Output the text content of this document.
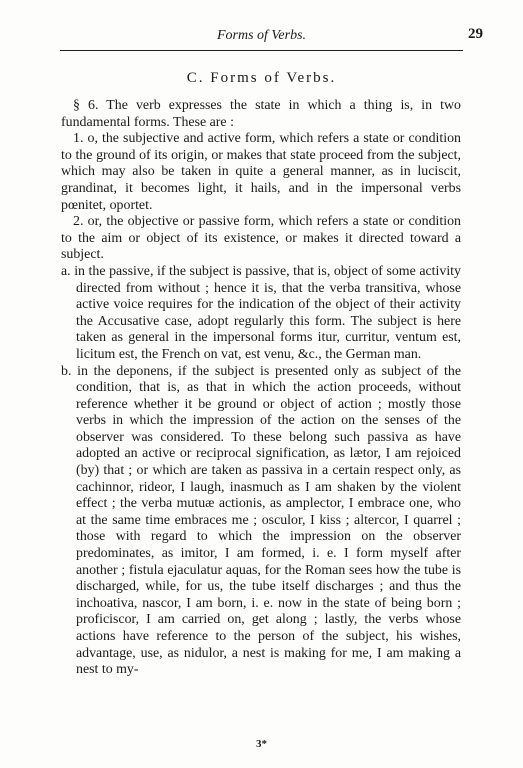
Forms of Verbs.	29
C. Forms of Verbs.

§ 6. The verb expresses the state in which a thing is, in two fundamental forms. These are :

1. o, the subjective and active form, which refers a state or condition to the ground of its origin, or makes that state proceed from the subject, which may also be taken in quite a general manner, as in luciscit, grandinat, it becomes light, it hails, and in the impersonal verbs pœnitet, oportet.

2. or, the objective or passive form, which refers a state or condition to the aim or object of its existence, or makes it directed toward a subject.

a. in the passive, if the subject is passive, that is, object of some activity directed from without ; hence it is, that the verba transitiva, whose active voice requires for the indication of the object of their activity the Accusative case, adopt regularly this form. The subject is here taken as general in the impersonal forms itur, curritur, ventum est, licitum est, the French on vat, est venu, &c., the German man.

b. in the deponens, if the subject is presented only as subject of the condition, that is, as that in which the action proceeds, without reference whether it be ground or object of action ; mostly those verbs in which the impression of the action on the senses of the observer was considered. To these belong such passiva as have adopted an active or reciprocal signification, as lætor, I am rejoiced (by) that ; or which are taken as passiva in a certain respect only, as cachinnor, rideor, I laugh, inasmuch as I am shaken by the violent effect ; the verba mutuæ actionis, as amplector, I embrace one, who at the same time embraces me ; osculor, I kiss ; altercor, I quarrel ; those with regard to which the impression on the observer predominates, as imitor, I am formed, i. e. I form myself after another ; fistula ejaculatur aquas, for the Roman sees how the tube is discharged, while, for us, the tube itself discharges ; and thus the inchoativa, nascor, I am born, i. e. now in the state of being born ; proficiscor, I am carried on, get along ; lastly, the verbs whose actions have reference to the person of the subject, his wishes, advantage, use, as nidulor, a nest is making for me, I am making a nest to my-

3*
